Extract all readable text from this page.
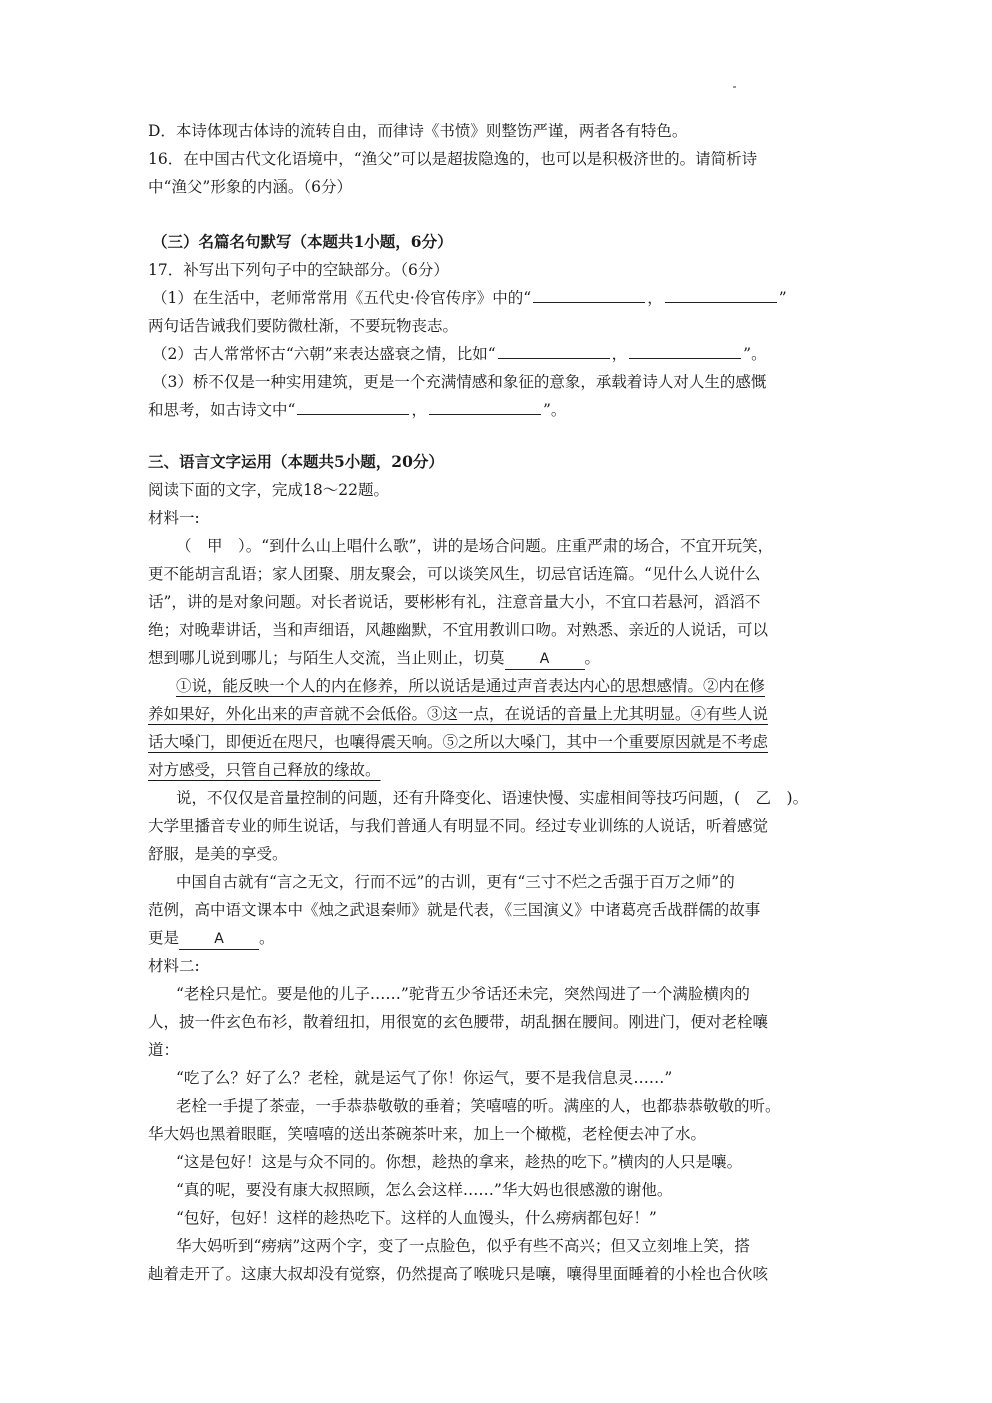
D．本诗体现古体诗的流转自由，而律诗《书愤》则整饬严谨，两者各有特色。
16．在中国古代文化语境中，“渔父”可以是超拔隐逸的，也可以是积极济世的。请简析诗
中“渔父”形象的内涵。（6分）
（三）名篇名句默写（本题共1小题，6分）
17．补写出下列句子中的空缺部分。（6分）
（1）在生活中，老师常常用《五代史·伶官传序》中的“	，	”
两句话告诫我们要防微杜渐，不要玩物丧志。
（2）古人常常怀古“六朝”来表达盛衰之情，比如“	，	”。
（3）桥不仅是一种实用建筑，更是一个充满情感和象征的意象，承载着诗人对人生的感慨
和思考，如古诗文中“	，	”。
三、语言文字运用（本题共5小题，20分）
阅读下面的文字，完成18～22题。
材料一:
（　甲　）。“到什么山上唱什么歌”，讲的是场合问题。庄重严肃的场合，不宜开玩笑，
更不能胡言乱语；家人团聚、朋友聚会，可以谈笑风生，切忌官话连篇。“见什么人说什么
话”，讲的是对象问题。对长者说话，要彬彬有礼，注意音量大小，不宜口若悬河，滔滔不
绝；对晚辈讲话，当和声细语，风趣幽默，不宜用教训口吻。对熟悉、亲近的人说话，可以
想到哪儿说到哪儿；与陌生人交流，当止则止，切莫	A 。
①说，能反映一个人的内在修养，所以说话是通过声音表达内心的思想感情。②内在修
养如果好，外化出来的声音就不会低俗。③这一点，在说话的音量上尤其明显。④有些人说
话大嗓门，即便近在咫尺，也嚷得震天响。⑤之所以大嗓门，其中一个重要原因就是不考虑
对方感受，只管自己释放的缘故。
说，不仅仅是音量控制的问题，还有升降变化、语速快慢、实虚相间等技巧问题，(　乙　)。
大学里播音专业的师生说话，与我们普通人有明显不同。经过专业训练的人说话，听着感觉
舒服，是美的享受。
中国自古就有“言之无文，行而不远”的古训，更有“三寸不烂之舌强于百万之师”的
范例，高中语文课本中《烛之武退秦师》就是代表，《三国演义》中诸葛亮舌战群儒的故事
更是	A 。
材料二:
“老栓只是忙。要是他的儿子……”驼背五少爷话还未完，突然闯进了一个满脸横肉的
人，披一件玄色布衫，散着纽扣，用很宽的玄色腰带，胡乱捆在腰间。刚进门，便对老栓嚷
道：
“吃了么？好了么？老栓，就是运气了你！你运气，要不是我信息灵……”
老栓一手提了茶壶，一手恭恭敬敬的垂着；笑嘻嘻的听。满座的人，也都恭恭敬敬的听。
华大妈也黑着眼眶，笑嘻嘻的送出茶碗茶叶来，加上一个橄榄，老栓便去冲了水。
“这是包好！这是与众不同的。你想，趁热的拿来，趁热的吃下。”横肉的人只是嚷。
“真的呢，要没有康大叔照顾，怎么会这样……”华大妈也很感激的谢他。
“包好，包好！这样的趁热吃下。这样的人血馒头，什么痨病都包好！”
华大妈听到“痨病”这两个字，变了一点脸色，似乎有些不高兴；但又立刻堆上笑，搭
赸着走开了。这康大叔却没有觉察，仍然提高了喉咙只是嚷，嚷得里面睡着的小栓也合伙咳
